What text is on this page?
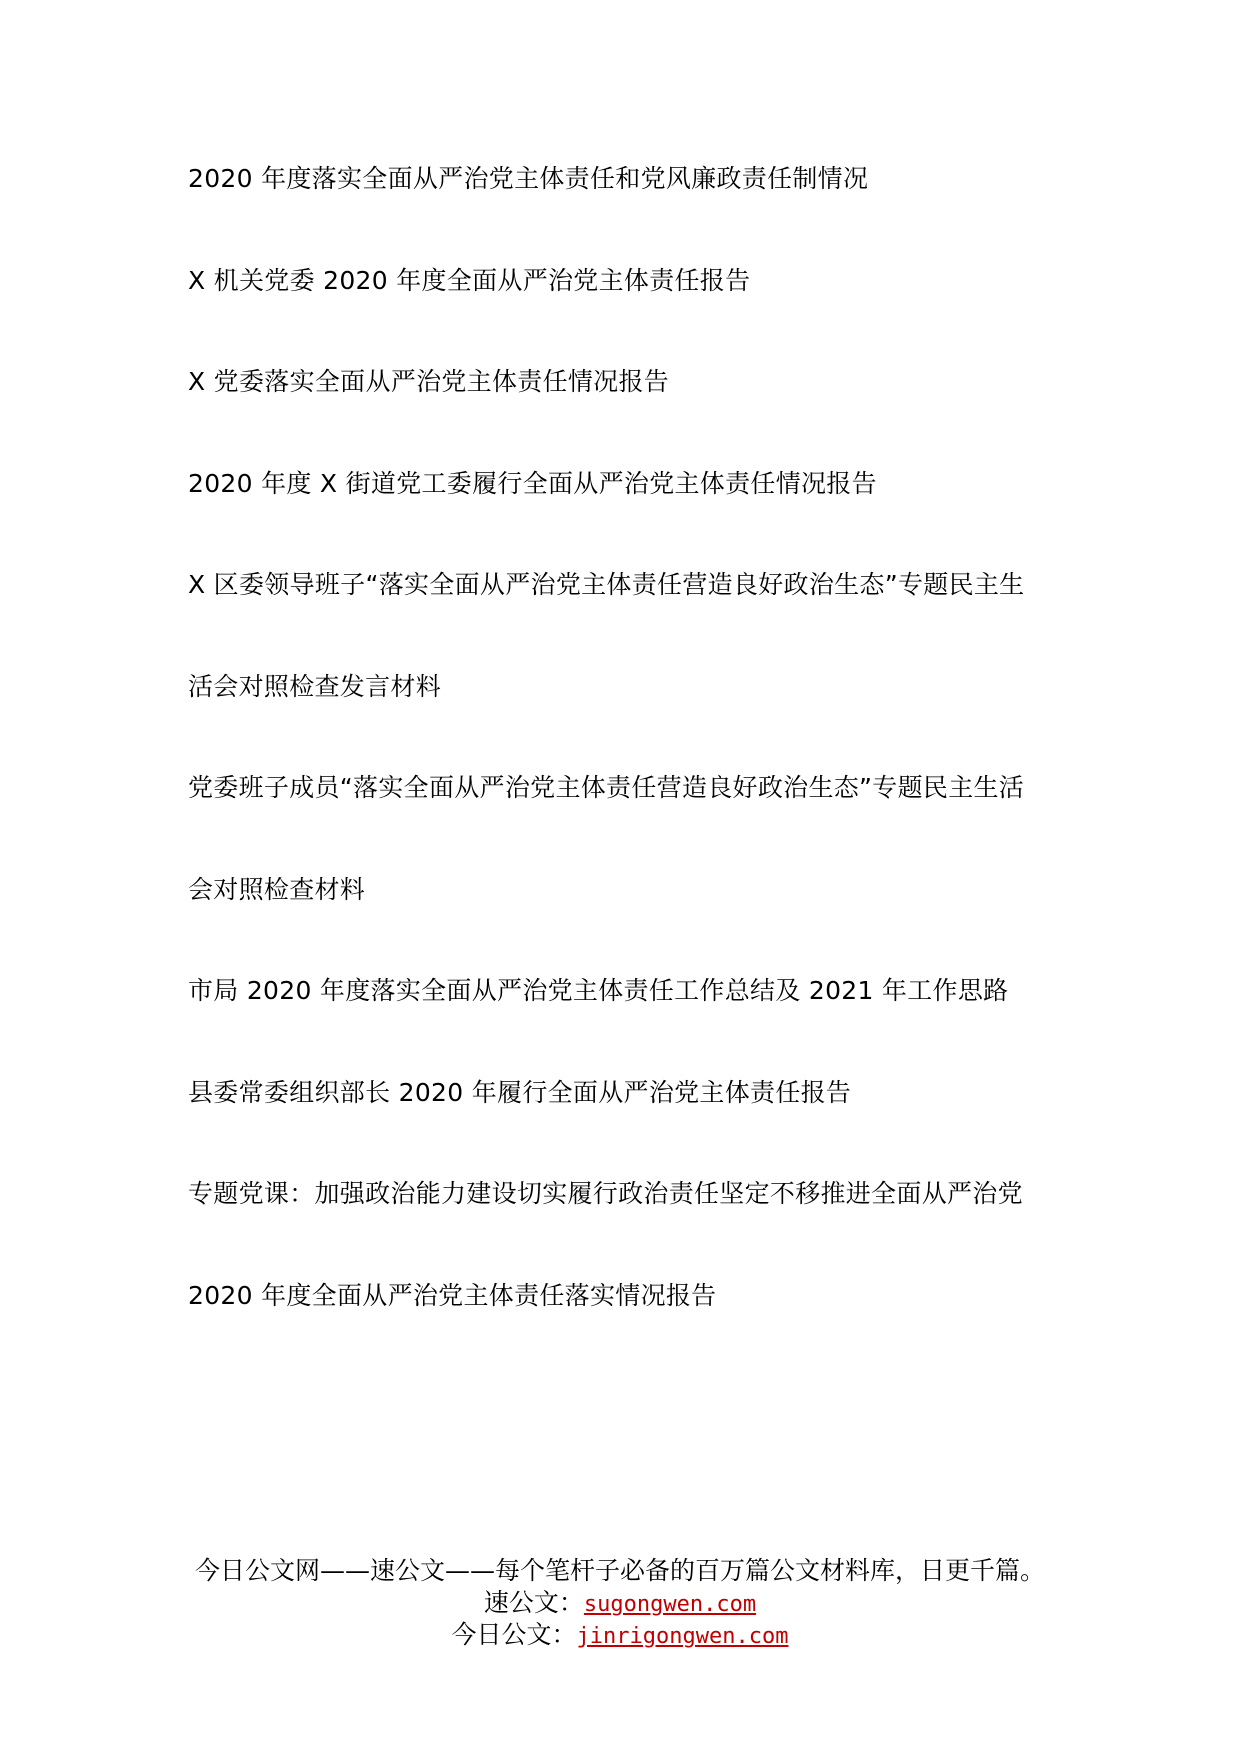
2020 年度落实全面从严治党主体责任和党风廉政责任制情况
X 机关党委 2020 年度全面从严治党主体责任报告
X 党委落实全面从严治党主体责任情况报告
2020 年度 X 街道党工委履行全面从严治党主体责任情况报告
X 区委领导班子“落实全面从严治党主体责任营造良好政治生态”专题民主生
活会对照检查发言材料
党委班子成员“落实全面从严治党主体责任营造良好政治生态”专题民主生活
会对照检查材料
市局 2020 年度落实全面从严治党主体责任工作总结及 2021 年工作思路
县委常委组织部长 2020 年履行全面从严治党主体责任报告
专题党课：加强政治能力建设切实履行政治责任坚定不移推进全面从严治党
2020 年度全面从严治党主体责任落实情况报告
今日公文网——速公文——每个笔杆子必备的百万篇公文材料库，日更千篇。
速公文：sugongwen.com
今日公文：jinrigongwen.com
